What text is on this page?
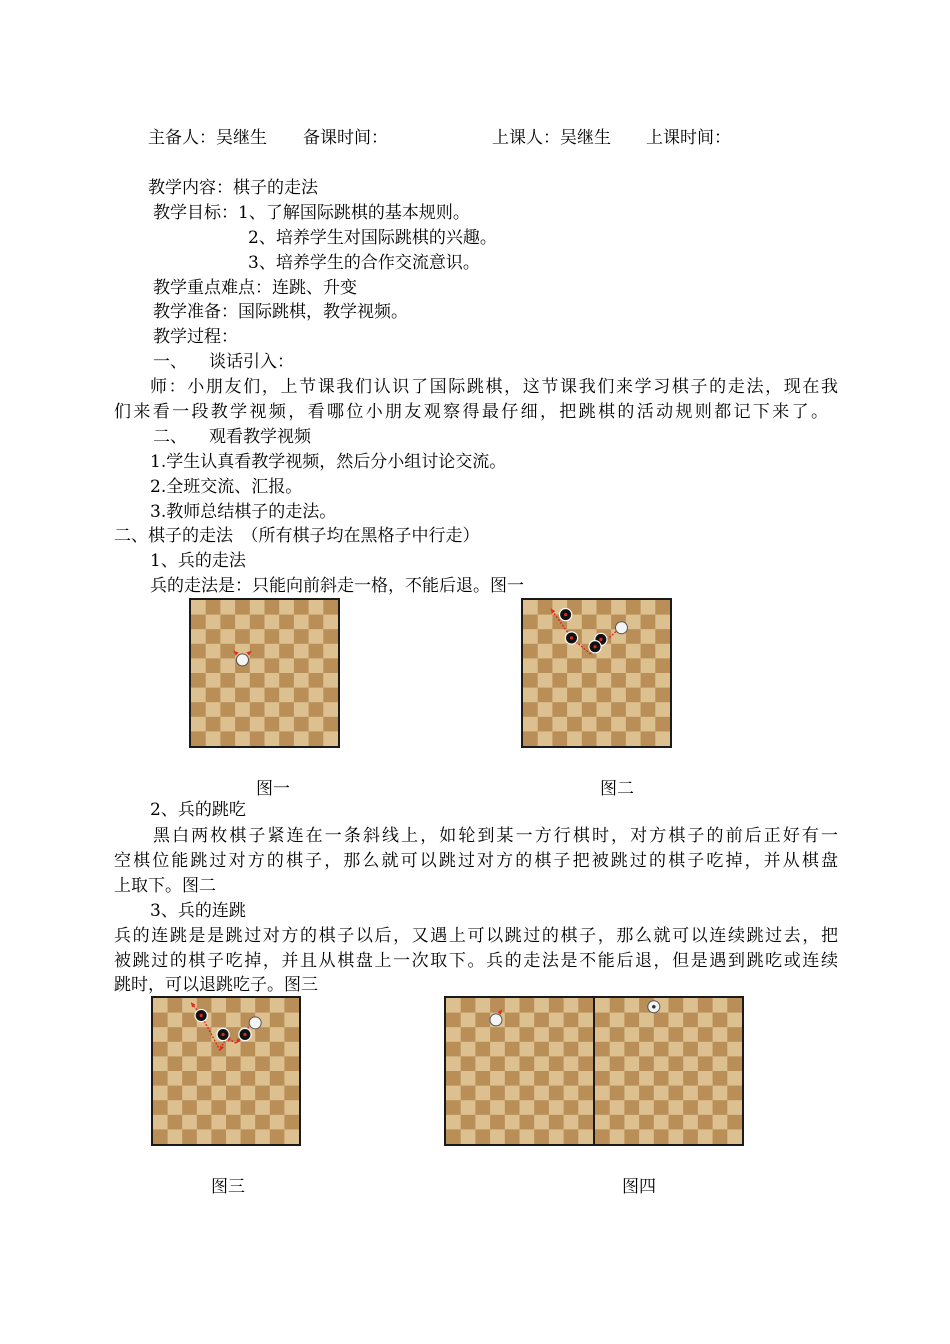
主备人：吴继生 备课时间：	上课人：吴继生 上课时间：
教学内容：棋子的走法
教学目标：1、了解国际跳棋的基本规则。
2、培养学生对国际跳棋的兴趣。
3、培养学生的合作交流意识。
教学重点难点：连跳、升变
教学准备：国际跳棋，教学视频。
教学过程：
一、 谈话引入：
师：小朋友们，上节课我们认识了国际跳棋，这节课我们来学习棋子的走法，现在我
们来看一段教学视频，看哪位小朋友观察得最仔细，把跳棋的活动规则都记下来了。
二、 观看教学视频
1.学生认真看教学视频，然后分小组讨论交流。
2.全班交流、汇报。
3.教师总结棋子的走法。
二、棋子的走法　（所有棋子均在黑格子中行走）
1、兵的走法
兵的走法是：只能向前斜走一格，不能后退。图一
图一	图二
2、兵的跳吃
黑白两枚棋子紧连在一条斜线上，如轮到某一方行棋时，对方棋子的前后正好有一
空棋位能跳过对方的棋子，那么就可以跳过对方的棋子把被跳过的棋子吃掉，并从棋盘
上取下。图二
3、兵的连跳
兵的连跳是是跳过对方的棋子以后，又遇上可以跳过的棋子，那么就可以连续跳过去，把
被跳过的棋子吃掉，并且从棋盘上一次取下。兵的走法是不能后退，但是遇到跳吃或连续
跳时，可以退跳吃子。图三
图三	图四
